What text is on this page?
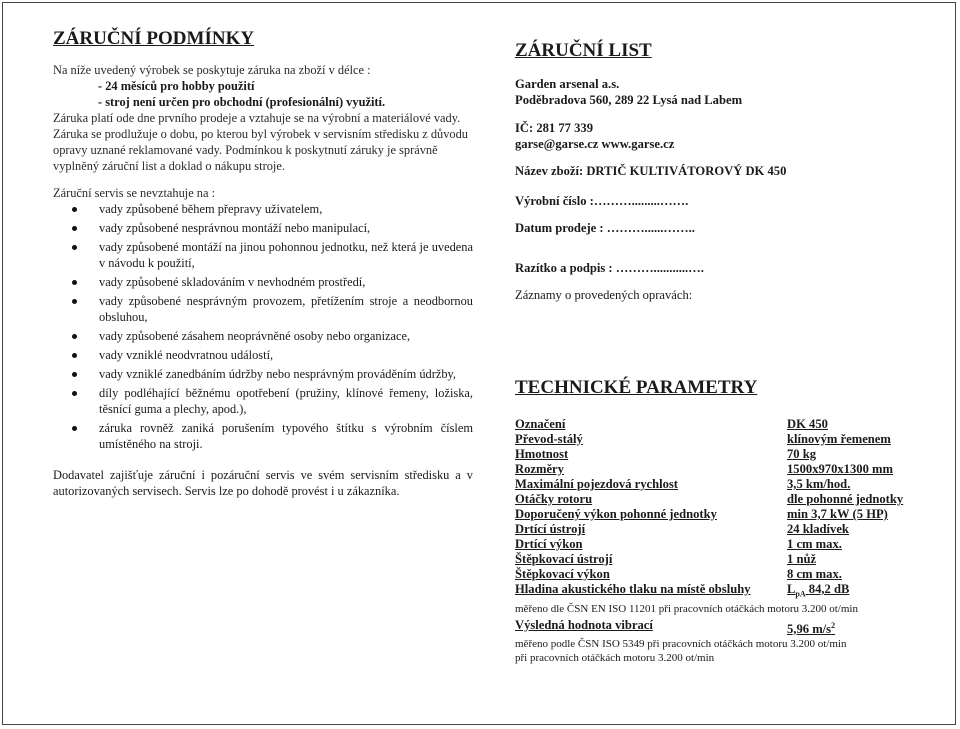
ZÁRUČNÍ PODMÍNKY

Na níže uvedený výrobek se poskytuje záruka na zboží v délce :

- 24 měsíců pro hobby použití

- stroj není určen pro obchodní (profesionální) využití.

Záruka platí ode dne prvního prodeje a vztahuje se na výrobní a materiálové vady.

Záruka se prodlužuje o dobu, po kterou byl výrobek v servisním středisku z důvodu opravy uznané reklamované vady. Podmínkou k poskytnutí záruky je správně vyplněný záruční list a doklad o nákupu stroje.

Záruční servis se nevztahuje na :

vady způsobené během přepravy uživatelem,
vady způsobené nesprávnou montáží nebo manipulací,
vady způsobené montáží na jinou pohonnou jednotku, než která je uvedena v návodu k použití,
vady způsobené skladováním v nevhodném prostředí,
vady způsobené nesprávným provozem, přetížením stroje a neodbornou obsluhou,
vady způsobené zásahem neoprávněné osoby nebo organizace,
vady vzniklé neodvratnou událostí,
vady vzniklé zanedbáním údržby nebo nesprávným prováděním údržby,
díly podléhající běžnému opotřebení (pružiny, klínové řemeny, ložiska, těsnící guma a plechy, apod.),
záruka rovněž zaniká porušením typového štítku s výrobním číslem umístěného na stroji.

Dodavatel zajišťuje záruční i pozáruční servis ve svém servisním středisku a v autorizovaných servisech. Servis lze po dohodě provést i u zákazníka.

ZÁRUČNÍ LIST

Garden arsenal a.s.

Poděbradova 560, 289 22 Lysá nad Labem

IČ: 281 77 339

garse@garse.cz www.garse.cz

Název zboží: DRTIČ KULTIVÁTOROVÝ DK 450

Výrobní číslo :……….........…….

Datum prodeje : ………......……..

Razítko a podpis : ………...........….

Záznamy o provedených opravách:

TECHNICKÉ PARAMETRY
Označení	DK 450
Převod-stálý	klínovým řemenem
Hmotnost	70 kg
Rozměry	1500x970x1300 mm
Maximální pojezdová rychlost	3,5 km/hod.
Otáčky rotoru	dle pohonné jednotky
Doporučený výkon pohonné jednotky	min 3,7 kW (5 HP)
Drtící ústrojí	24 kladívek
Drtící výkon	1 cm max.
Štěpkovací ústrojí	1 nůž
Štěpkovací výkon	8 cm max.
Hladina akustického tlaku na místě obsluhy	$L_{pA}$ 84,2 dB

měřeno dle ČSN EN ISO 11201 při pracovních otáčkách motoru 3.200 ot/min

Výsledná hodnota vibrací	5,96 $m/s^2$

měřeno podle ČSN ISO 5349 při pracovních otáčkách motoru 3.200 ot/min

při pracovních otáčkách motoru 3.200 ot/min
